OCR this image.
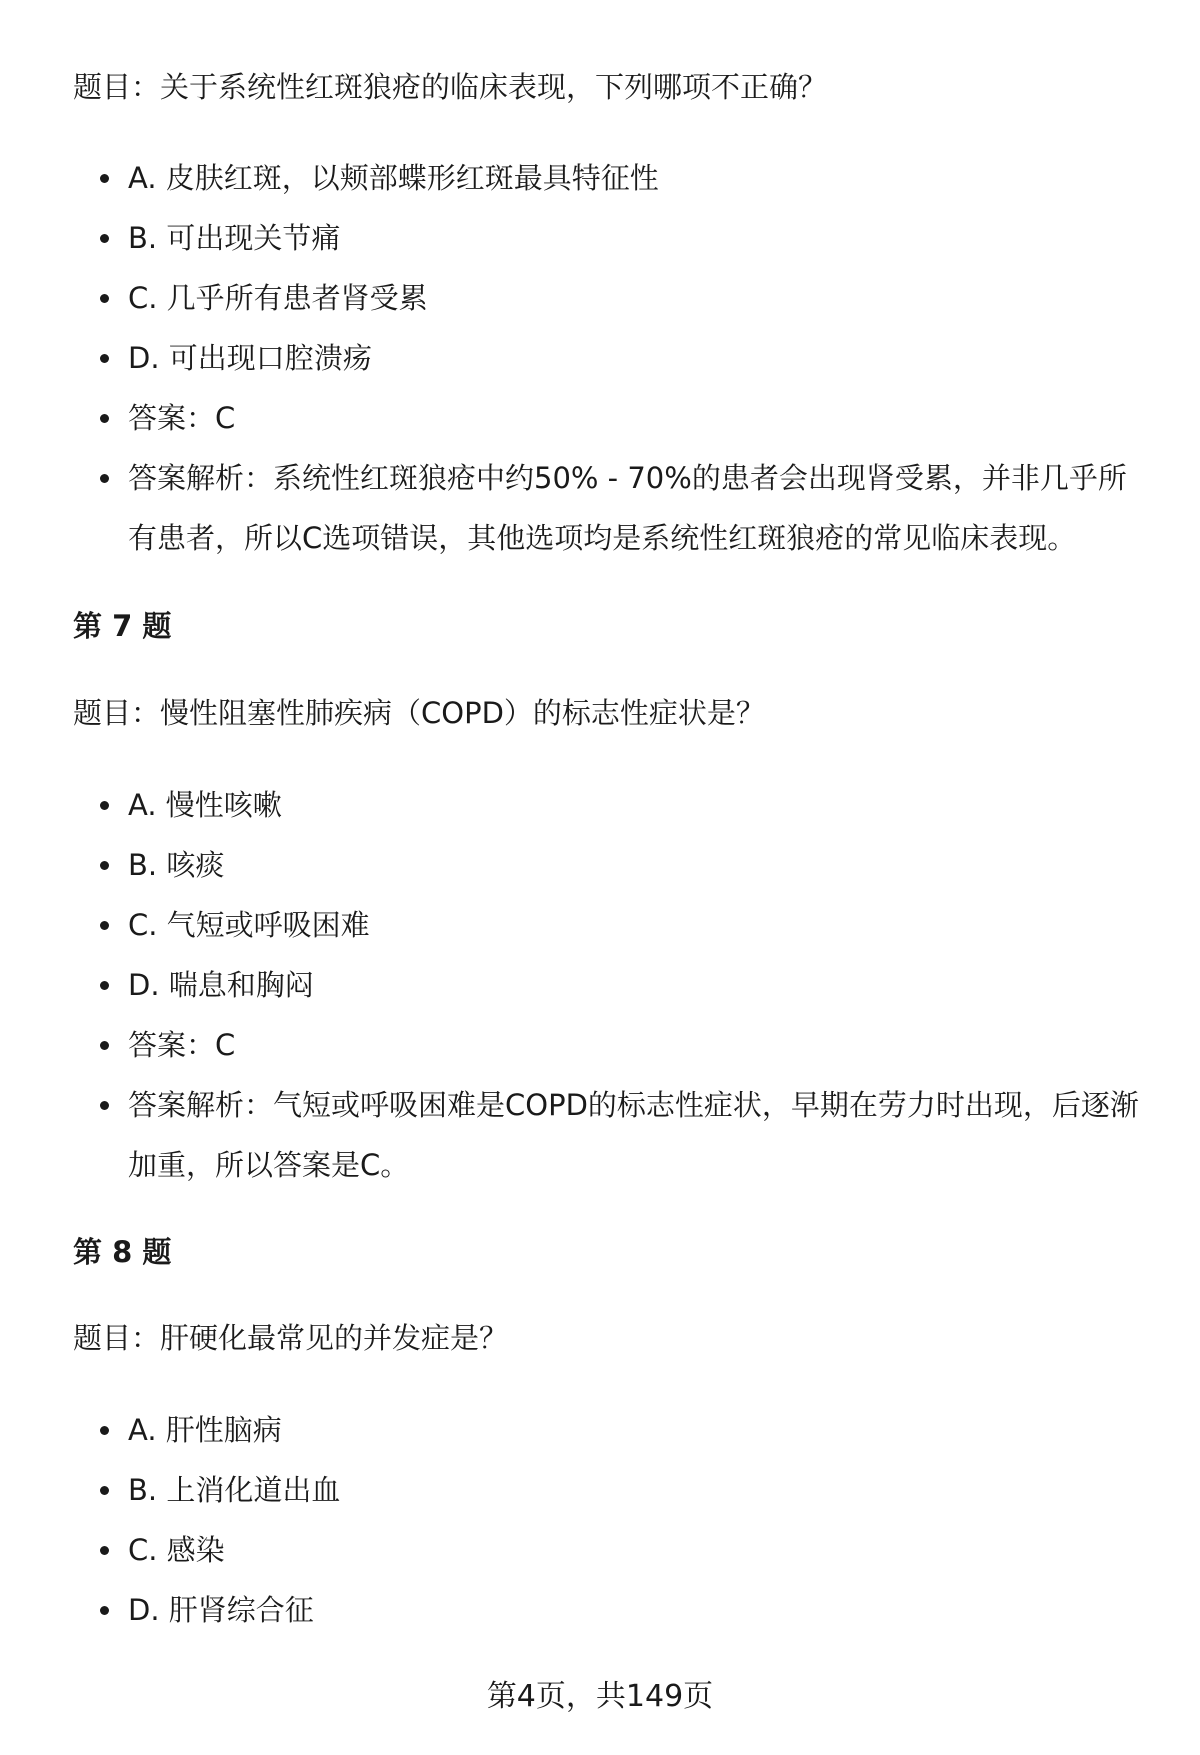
题目：关于系统性红斑狼疮的临床表现，下列哪项不正确？

A. 皮肤红斑，以颊部蝶形红斑最具特征性
B. 可出现关节痛
C. 几乎所有患者肾受累
D. 可出现口腔溃疡
答案：C
答案解析：系统性红斑狼疮中约50% - 70%的患者会出现肾受累，并非几乎所有患者，所以C选项错误，其他选项均是系统性红斑狼疮的常见临床表现。

第 7 题

题目：慢性阻塞性肺疾病（COPD）的标志性症状是？

A. 慢性咳嗽
B. 咳痰
C. 气短或呼吸困难
D. 喘息和胸闷
答案：C
答案解析：气短或呼吸困难是COPD的标志性症状，早期在劳力时出现，后逐渐加重，所以答案是C。

第 8 题

题目：肝硬化最常见的并发症是？

A. 肝性脑病
B. 上消化道出血
C. 感染
D. 肝肾综合征
第4页，共149页
